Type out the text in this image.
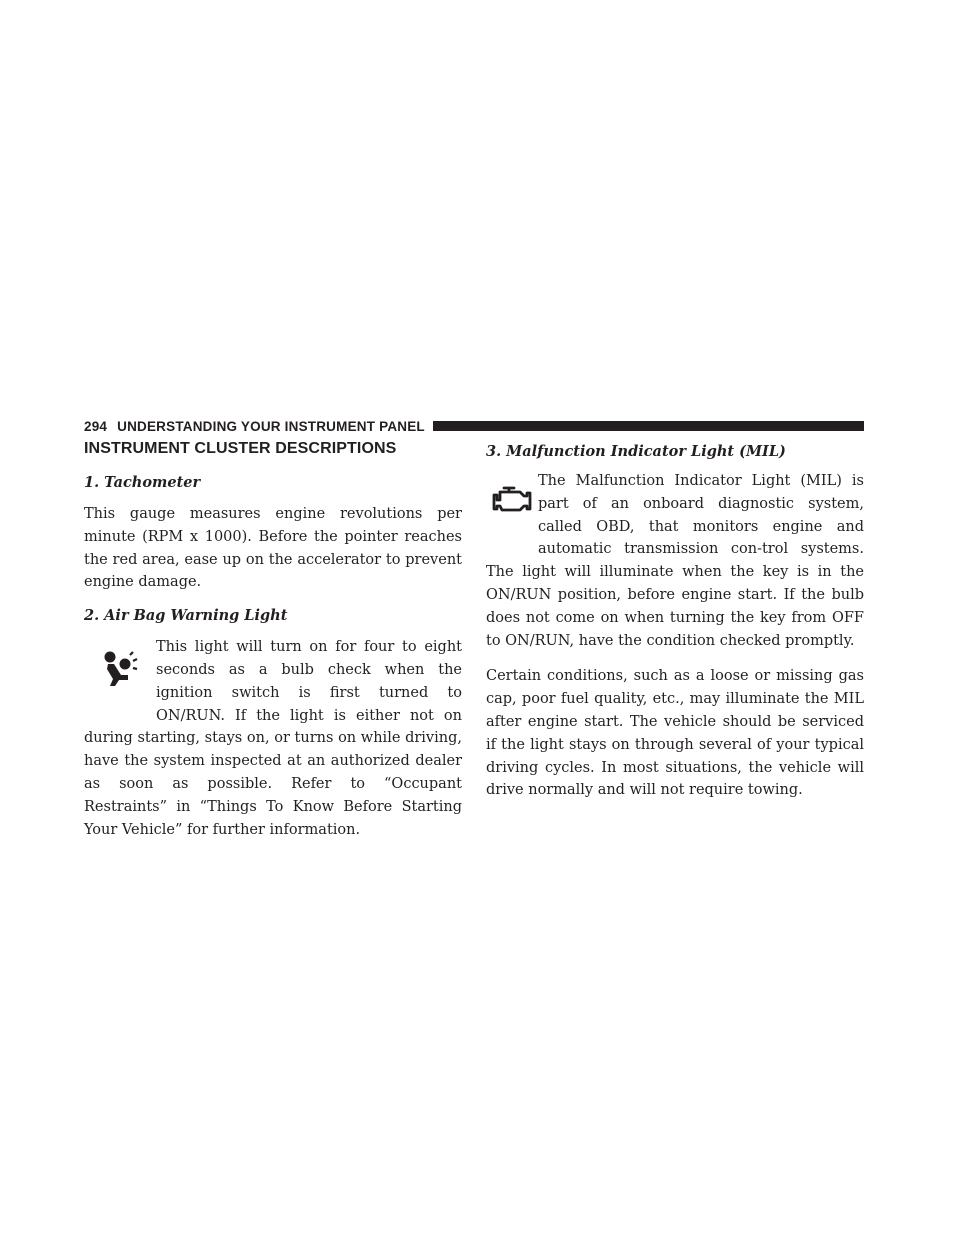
294 UNDERSTANDING YOUR INSTRUMENT PANEL
INSTRUMENT CLUSTER DESCRIPTIONS
1. Tachometer

This gauge measures engine revolutions per minute (RPM x 1000). Before the pointer reaches the red area, ease up on the accelerator to prevent engine damage.

2. Air Bag Warning Light

This light will turn on for four to eight seconds as a bulb check when the ignition switch is first turned to ON/RUN. If the light is either not on during starting, stays on, or turns on while driving, have the system inspected at an authorized dealer as soon as possible. Refer to “Occupant Restraints” in “Things To Know Before Starting Your Vehicle” for further information.

3. Malfunction Indicator Light (MIL)

The Malfunction Indicator Light (MIL) is part of an onboard diagnostic system, called OBD, that monitors engine and automatic transmission con-trol systems. The light will illuminate when the key is in the ON/RUN position, before engine start. If the bulb does not come on when turning the key from OFF to ON/RUN, have the condition checked promptly.

Certain conditions, such as a loose or missing gas cap, poor fuel quality, etc., may illuminate the MIL after engine start. The vehicle should be serviced if the light stays on through several of your typical driving cycles. In most situations, the vehicle will drive normally and will not require towing.
